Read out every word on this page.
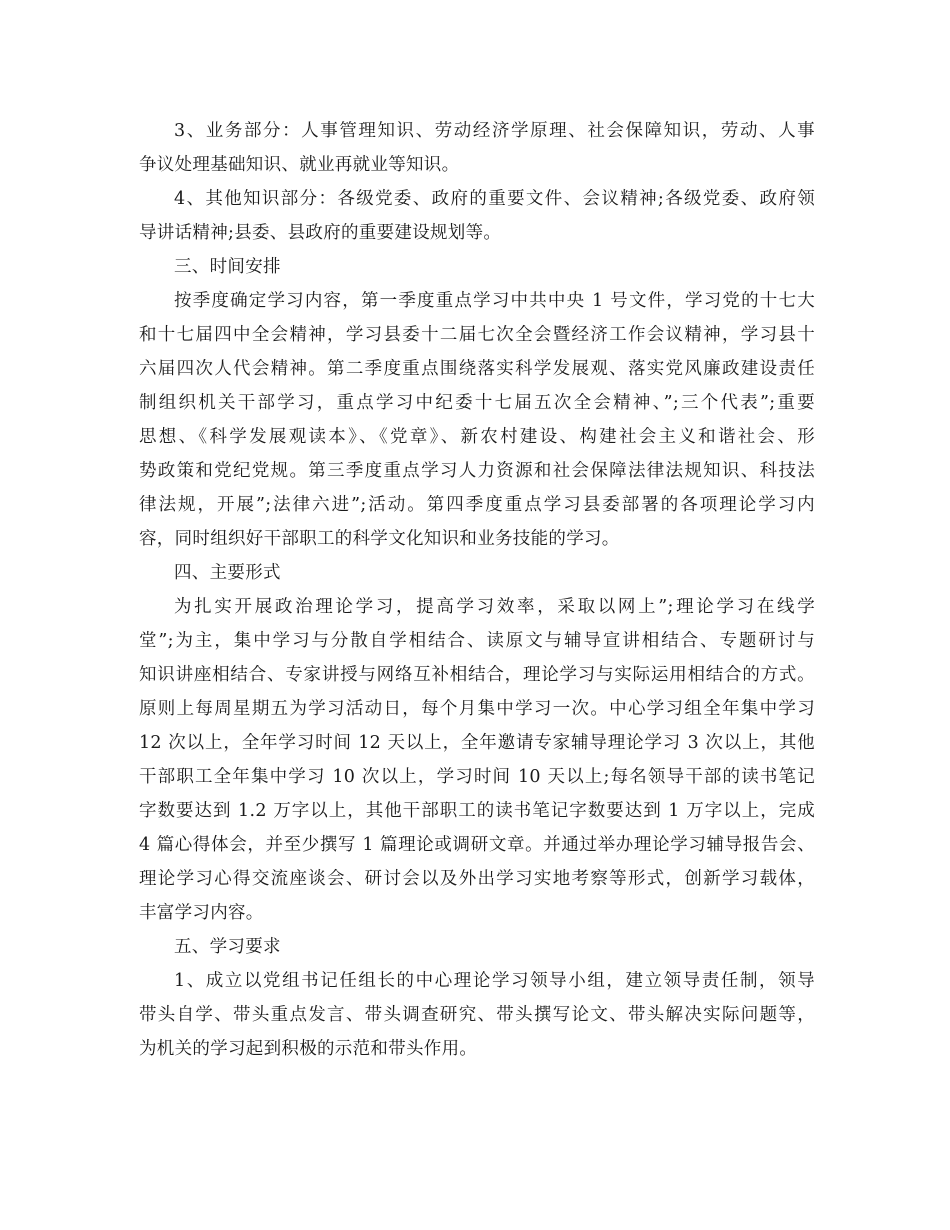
3、业务部分：人事管理知识、劳动经济学原理、社会保障知识，劳动、人事
争议处理基础知识、就业再就业等知识。
4、其他知识部分：各级党委、政府的重要文件、会议精神;各级党委、政府领
导讲话精神;县委、县政府的重要建设规划等。
三、时间安排
按季度确定学习内容，第一季度重点学习中共中央 1 号文件，学习党的十七大
和十七届四中全会精神，学习县委十二届七次全会暨经济工作会议精神，学习县十
六届四次人代会精神。第二季度重点围绕落实科学发展观、落实党风廉政建设责任
制组织机关干部学习，重点学习中纪委十七届五次全会精神、”;三个代表”;重要
思想、《科学发展观读本》、《党章》、新农村建设、构建社会主义和谐社会、形
势政策和党纪党规。第三季度重点学习人力资源和社会保障法律法规知识、科技法
律法规，开展”;法律六进”;活动。第四季度重点学习县委部署的各项理论学习内
容，同时组织好干部职工的科学文化知识和业务技能的学习。
四、主要形式
为扎实开展政治理论学习，提高学习效率，采取以网上”;理论学习在线学
堂”;为主，集中学习与分散自学相结合、读原文与辅导宣讲相结合、专题研讨与
知识讲座相结合、专家讲授与网络互补相结合，理论学习与实际运用相结合的方式。
原则上每周星期五为学习活动日，每个月集中学习一次。中心学习组全年集中学习
12 次以上，全年学习时间 12 天以上，全年邀请专家辅导理论学习 3 次以上，其他
干部职工全年集中学习 10 次以上，学习时间 10 天以上;每名领导干部的读书笔记
字数要达到 1.2 万字以上，其他干部职工的读书笔记字数要达到 1 万字以上，完成
4 篇心得体会，并至少撰写 1 篇理论或调研文章。并通过举办理论学习辅导报告会、
理论学习心得交流座谈会、研讨会以及外出学习实地考察等形式，创新学习载体，
丰富学习内容。
五、学习要求
1、成立以党组书记任组长的中心理论学习领导小组，建立领导责任制，领导
带头自学、带头重点发言、带头调查研究、带头撰写论文、带头解决实际问题等，
为机关的学习起到积极的示范和带头作用。
